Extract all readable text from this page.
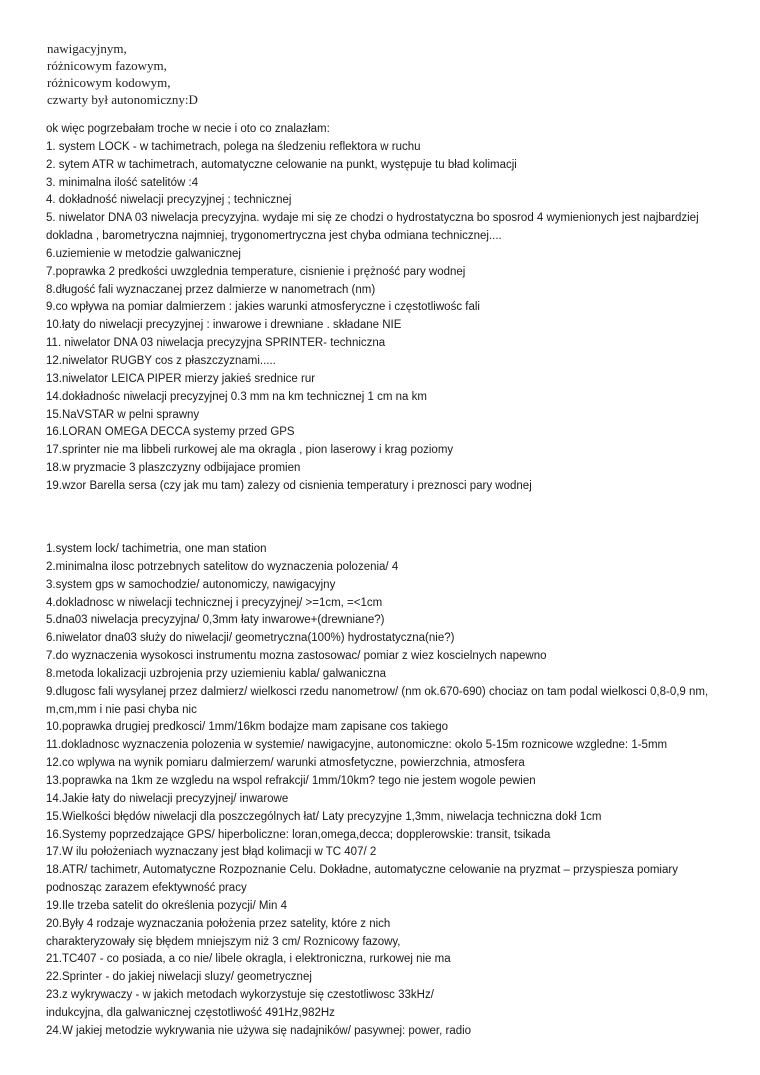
nawigacyjnym,
różnicowym fazowym,
różnicowym kodowym,
czwarty był autonomiczny:D
ok więc pogrzebałam troche w necie i oto co znalazłam:
1. system LOCK - w tachimetrach, polega na śledzeniu reflektora w ruchu
2. sytem ATR w tachimetrach, automatyczne celowanie na punkt, występuje tu bład kolimacji
3. minimalna ilość satelitów :4
4. dokładność niwelacji precyzyjnej ; technicznej
5. niwelator DNA 03 niwelacja precyzyjna. wydaje mi się ze chodzi o hydrostatyczna bo sposrod 4 wymienionych jest najbardziej
dokladna , barometryczna najmniej, trygonomertryczna jest chyba odmiana technicznej....
6.uziemienie w metodzie galwanicznej
7.poprawka 2 predkości uwzglednia temperature, cisnienie i prężność pary wodnej
8.długość fali wyznaczanej przez dalmierze w nanometrach (nm)
9.co wpływa na pomiar dalmierzem : jakies warunki atmosferyczne i częstotliwośc fali
10.łaty do niwelacji precyzyjnej : inwarowe i drewniane . składane NIE
11. niwelator DNA 03 niwelacja precyzyjna SPRINTER- techniczna
12.niwelator RUGBY cos z płaszczyznami.....
13.niwelator LEICA PIPER mierzy jakieś srednice rur
14.dokładnośc niwelacji precyzyjnej 0.3 mm na km technicznej 1 cm na km
15.NaVSTAR w pelni sprawny
16.LORAN OMEGA DECCA systemy przed GPS
17.sprinter nie ma libbeli rurkowej ale ma okragla , pion laserowy i krag poziomy
18.w pryzmacie 3 plaszczyzny odbijajace promien
19.wzor Barella sersa (czy jak mu tam) zalezy od cisnienia temperatury i preznosci pary wodnej
1.system lock/ tachimetria, one man station
2.minimalna ilosc potrzebnych satelitow do wyznaczenia polozenia/ 4
3.system gps w samochodzie/ autonomiczy, nawigacyjny
4.dokladnosc w niwelacji technicznej i precyzyjnej/ >=1cm, =<1cm
5.dna03 niwelacja precyzyjna/ 0,3mm łaty inwarowe+(drewniane?)
6.niwelator dna03 służy do niwelacji/ geometryczna(100%) hydrostatyczna(nie?)
7.do wyznaczenia wysokosci instrumentu mozna zastosowac/ pomiar z wiez koscielnych napewno
8.metoda lokalizacji uzbrojenia przy uziemieniu kabla/ galwaniczna
9.dlugosc fali wysylanej przez dalmierz/ wielkosci rzedu nanometrow/ (nm ok.670-690) chociaz on tam podal wielkosci 0,8-0,9 nm,
m,cm,mm i nie pasi chyba nic
10.poprawka drugiej predkosci/ 1mm/16km bodajze mam zapisane cos takiego
11.dokladnosc wyznaczenia polozenia w systemie/ nawigacyjne, autonomiczne: okolo 5-15m roznicowe wzgledne: 1-5mm
12.co wplywa na wynik pomiaru dalmierzem/ warunki atmosfetyczne, powierzchnia, atmosfera
13.poprawka na 1km ze wzgledu na wspol refrakcji/ 1mm/10km? tego nie jestem wogole pewien
14.Jakie łaty do niwelacji precyzyjnej/ inwarowe
15.Wielkości błędów niwelacji dla poszczególnych łat/ Laty precyzyjne 1,3mm, niwelacja techniczna dokł 1cm
16.Systemy poprzedzające GPS/ hiperboliczne: loran,omega,decca; dopplerowskie: transit, tsikada
17.W ilu położeniach wyznaczany jest błąd kolimacji w TC 407/ 2
18.ATR/ tachimetr, Automatyczne Rozpoznanie Celu. Dokładne, automatyczne celowanie na pryzmat – przyspiesza pomiary
podnosząc zarazem efektywność pracy
19.Ile trzeba satelit do określenia pozycji/ Min 4
20.Były 4 rodzaje wyznaczania położenia przez satelity, które z nich
charakteryzowały się błędem mniejszym niż 3 cm/ Roznicowy fazowy,
21.TC407 - co posiada, a co nie/ libele okragla, i elektroniczna, rurkowej nie ma
22.Sprinter - do jakiej niwelacji sluzy/ geometrycznej
23.z wykrywaczy - w jakich metodach wykorzystuje się czestotliwosc 33kHz/
indukcyjna, dla galwanicznej częstotliwość 491Hz,982Hz
24.W jakiej metodzie wykrywania nie używa się nadajników/ pasywnej: power, radio
